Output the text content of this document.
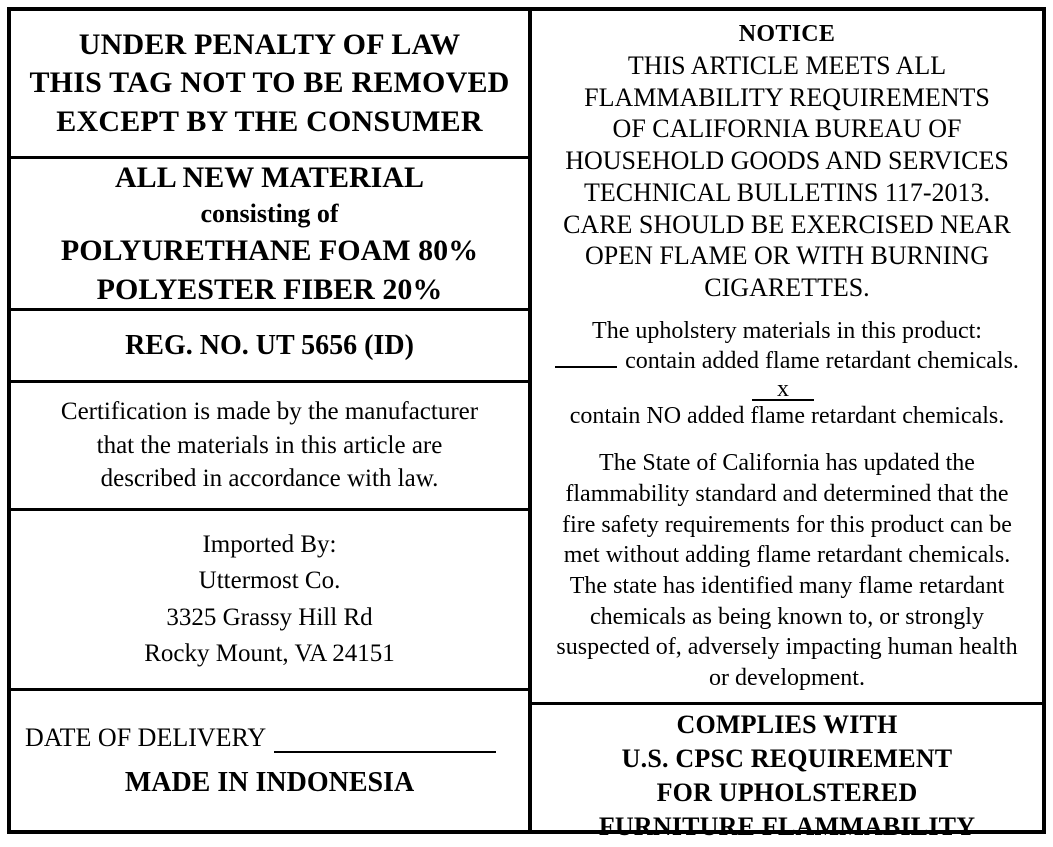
UNDER PENALTY OF LAW
THIS TAG NOT TO BE REMOVED
EXCEPT BY THE CONSUMER
ALL NEW MATERIAL
consisting of
POLYURETHANE FOAM 80%
POLYESTER FIBER 20%
REG. NO. UT 5656 (ID)
Certification is made by the manufacturer
that the materials in this article are
described in accordance with law.
Imported By:
Uttermost Co.
3325 Grassy Hill Rd
Rocky Mount, VA 24151
DATE OF DELIVERY
MADE IN INDONESIA
NOTICE
THIS ARTICLE MEETS ALL
FLAMMABILITY REQUIREMENTS
OF CALIFORNIA BUREAU OF
HOUSEHOLD GOODS AND SERVICES
TECHNICAL BULLETINS 117-2013.
CARE SHOULD BE EXERCISED NEAR
OPEN FLAME OR WITH BURNING
CIGARETTES.
The upholstery materials in this product:
contain added flame retardant chemicals.
x
contain NO added flame retardant chemicals.
The State of California has updated the flammability standard and determined that the fire safety requirements for this product can be met without adding flame retardant chemicals. The state has identified many flame retardant chemicals as being known to, or strongly suspected of, adversely impacting human health or development.
COMPLIES WITH
U.S. CPSC REQUIREMENT
FOR UPHOLSTERED
FURNITURE FLAMMABILITY
